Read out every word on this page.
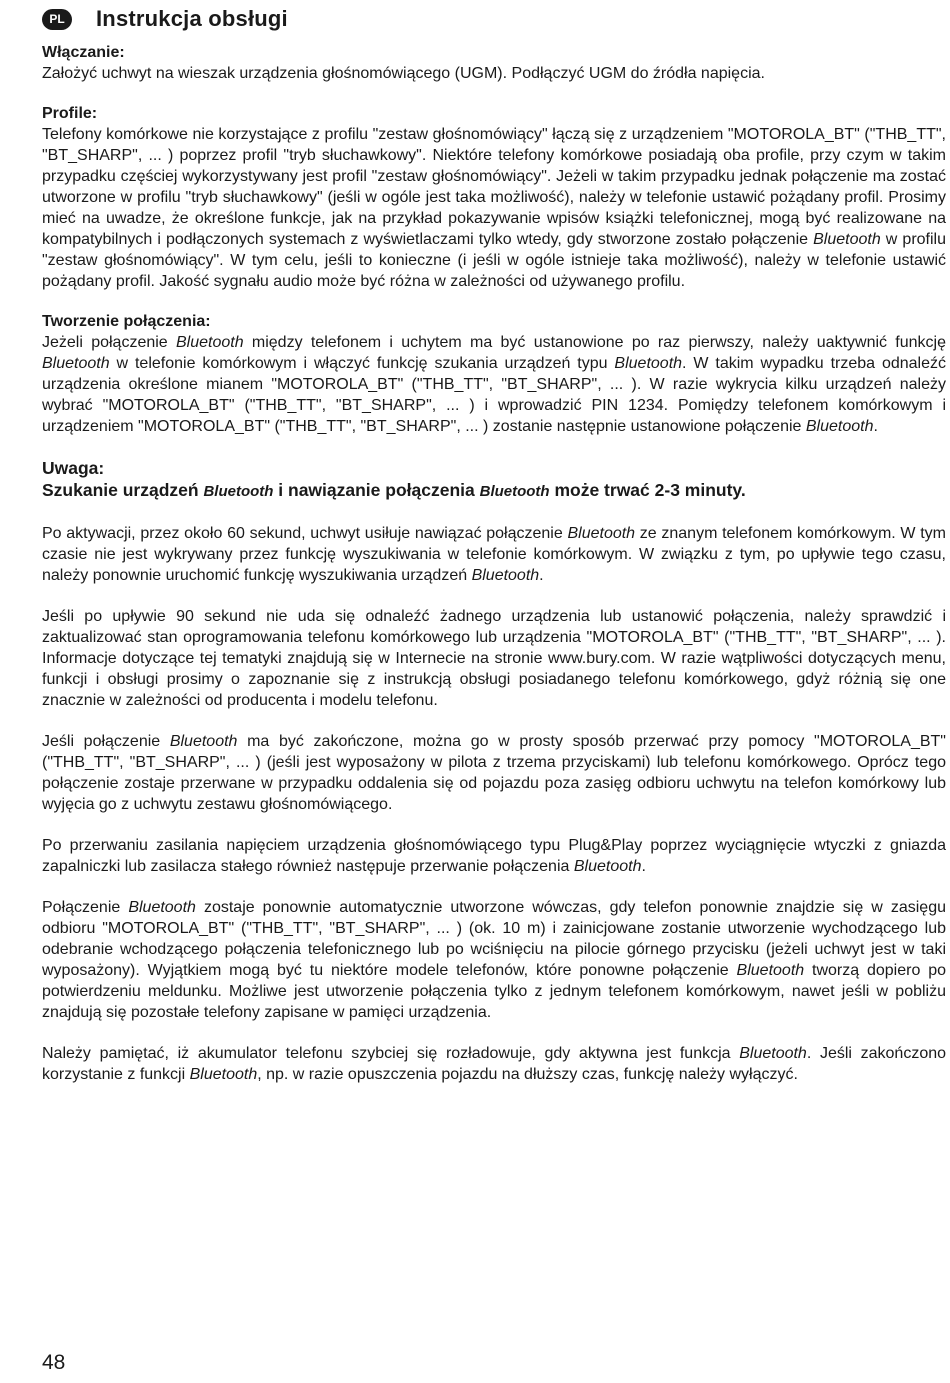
PL	Instrukcja obsługi
Włączanie:

Założyć uchwyt na wieszak urządzenia głośnomówiącego (UGM). Podłączyć UGM do źródła napięcia.

Profile:

Telefony komórkowe nie korzystające z profilu "zestaw głośnomówiący" łączą się z urządzeniem "MOTOROLA_BT" ("THB_TT", "BT_SHARP", ... ) poprzez profil "tryb słuchawkowy". Niektóre telefony komórkowe posiadają oba profile, przy czym w takim przypadku częściej wykorzystywany jest profil "zestaw głośnomówiący". Jeżeli w takim przypadku jednak połączenie ma zostać utworzone w profilu "tryb słuchawkowy" (jeśli w ogóle jest taka możliwość), należy w telefonie ustawić pożądany profil. Prosimy mieć na uwadze, że określone funkcje, jak na przykład pokazywanie wpisów książki telefonicznej, mogą być realizowane na kompatybilnych i podłączonych systemach z wyświetlaczami tylko wtedy, gdy stworzone zostało połączenie Bluetooth w profilu "zestaw głośnomówiący". W tym celu, jeśli to konieczne (i jeśli w ogóle istnieje taka możliwość), należy w telefonie ustawić pożądany profil. Jakość sygnału audio może być różna w zależności od używanego profilu.

Tworzenie połączenia:

Jeżeli połączenie Bluetooth między telefonem i uchytem ma być ustanowione po raz pierwszy, należy uaktywnić funkcję Bluetooth w telefonie komórkowym i włączyć funkcję szukania urządzeń typu Bluetooth. W takim wypadku trzeba odnaleźć urządzenia określone mianem "MOTOROLA_BT" ("THB_TT", "BT_SHARP", ... ). W razie wykrycia kilku urządzeń należy wybrać "MOTOROLA_BT" ("THB_TT", "BT_SHARP", ... ) i wprowadzić PIN 1234. Pomiędzy telefonem komórkowym i urządzeniem "MOTOROLA_BT" ("THB_TT", "BT_SHARP", ... ) zostanie następnie ustanowione połączenie Bluetooth.

Uwaga:
Szukanie urządzeń Bluetooth i nawiązanie połączenia Bluetooth może trwać 2-3 minuty.

Po aktywacji, przez około 60 sekund, uchwyt usiłuje nawiązać połączenie Bluetooth ze znanym telefonem komórkowym. W tym czasie nie jest wykrywany przez funkcję wyszukiwania w telefonie komórkowym. W związku z tym, po upływie tego czasu, należy ponownie uruchomić funkcję wyszukiwania urządzeń Bluetooth.

Jeśli po upływie 90 sekund nie uda się odnaleźć żadnego urządzenia lub ustanowić połączenia, należy sprawdzić i zaktualizować stan oprogramowania telefonu komórkowego lub urządzenia "MOTOROLA_BT" ("THB_TT", "BT_SHARP", ... ). Informacje dotyczące tej tematyki znajdują się w Internecie na stronie www.bury.com. W razie wątpliwości dotyczących menu, funkcji i obsługi prosimy o zapoznanie się z instrukcją obsługi posiadanego telefonu komórkowego, gdyż różnią się one znacznie w zależności od producenta i modelu telefonu.

Jeśli połączenie Bluetooth ma być zakończone, można go w prosty sposób przerwać przy pomocy "MOTOROLA_BT" ("THB_TT", "BT_SHARP", ... ) (jeśli jest wyposażony w pilota z trzema przyciskami) lub telefonu komórkowego. Oprócz tego połączenie zostaje przerwane w przypadku oddalenia się od pojazdu poza zasięg odbioru uchwytu na telefon komórkowy lub wyjęcia go z uchwytu zestawu głośnomówiącego.

Po przerwaniu zasilania napięciem urządzenia głośnomówiącego typu Plug&Play poprzez wyciągnięcie wtyczki z gniazda zapalniczki lub zasilacza stałego również następuje przerwanie połączenia Bluetooth.

Połączenie Bluetooth zostaje ponownie automatycznie utworzone wówczas, gdy telefon ponownie znajdzie się w zasięgu odbioru "MOTOROLA_BT" ("THB_TT", "BT_SHARP", ... ) (ok. 10 m) i zainicjowane zostanie utworzenie wychodzącego lub odebranie wchodzącego połączenia telefonicznego lub po wciśnięciu na pilocie górnego przycisku (jeżeli uchwyt jest w taki wyposażony). Wyjątkiem mogą być tu niektóre modele telefonów, które ponowne połączenie Bluetooth tworzą dopiero po potwierdzeniu meldunku. Możliwe jest utworzenie połączenia tylko z jednym telefonem komórkowym, nawet jeśli w pobliżu znajdują się pozostałe telefony zapisane w pamięci urządzenia.

Należy pamiętać, iż akumulator telefonu szybciej się rozładowuje, gdy aktywna jest funkcja Bluetooth. Jeśli zakończono korzystanie z funkcji Bluetooth, np. w razie opuszczenia pojazdu na dłuższy czas, funkcję należy wyłączyć.

48
